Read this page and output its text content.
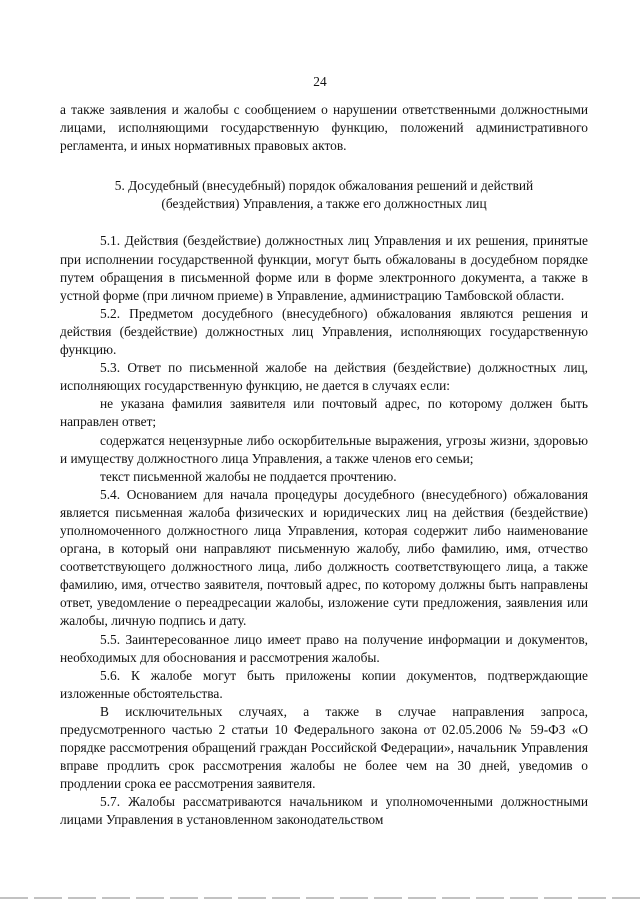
24

а также заявления и жалобы с сообщением о нарушении ответственными должностными лицами, исполняющими государственную функцию, положений административного регламента, и иных нормативных правовых актов.

5. Досудебный (внесудебный) порядок обжалования решений и действий (бездействия) Управления, а также его должностных лиц

5.1. Действия (бездействие) должностных лиц Управления и их решения, принятые при исполнении государственной функции, могут быть обжалованы в досудебном порядке путем обращения в письменной форме или в форме электронного документа, а также в устной форме (при личном приеме) в Управление, администрацию Тамбовской области.

5.2. Предметом досудебного (внесудебного) обжалования являются решения и действия (бездействие) должностных лиц Управления, исполняющих государственную функцию.

5.3. Ответ по письменной жалобе на действия (бездействие) должностных лиц, исполняющих государственную функцию, не дается в случаях если:

не указана фамилия заявителя или почтовый адрес, по которому должен быть направлен ответ;

содержатся нецензурные либо оскорбительные выражения, угрозы жизни, здоровью и имуществу должностного лица Управления, а также членов его семьи;

текст письменной жалобы не поддается прочтению.

5.4. Основанием для начала процедуры досудебного (внесудебного) обжалования является письменная жалоба физических и юридических лиц на действия (бездействие) уполномоченного должностного лица Управления, которая содержит либо наименование органа, в который они направляют письменную жалобу, либо фамилию, имя, отчество соответствующего должностного лица, либо должность соответствующего лица, а также фамилию, имя, отчество заявителя, почтовый адрес, по которому должны быть направлены ответ, уведомление о переадресации жалобы, изложение сути предложения, заявления или жалобы, личную подпись и дату.

5.5. Заинтересованное лицо имеет право на получение информации и документов, необходимых для обоснования и рассмотрения жалобы.

5.6. К жалобе могут быть приложены копии документов, подтверждающие изложенные обстоятельства.

В исключительных случаях, а также в случае направления запроса, предусмотренного частью 2 статьи 10 Федерального закона от 02.05.2006 № 59-ФЗ «О порядке рассмотрения обращений граждан Российской Федерации», начальник Управления вправе продлить срок рассмотрения жалобы не более чем на 30 дней, уведомив о продлении срока ее рассмотрения заявителя.

5.7. Жалобы рассматриваются начальником и уполномоченными должностными лицами Управления в установленном законодательством
